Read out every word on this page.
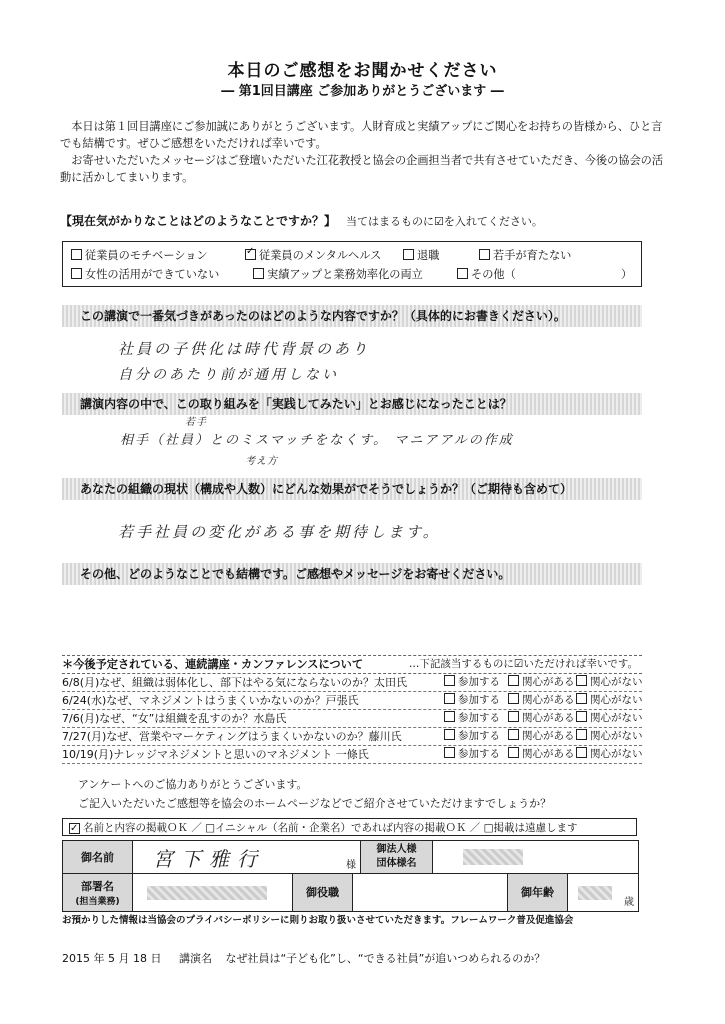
本日のご感想をお聞かせください
― 第1回目講座 ご参加ありがとうございます ―

本日は第１回目講座にご参加誠にありがとうございます。人財育成と実績アップにご関心をお持ちの皆様から、ひと言でも結構です。ぜひご感想をいただければ幸いです。

お寄せいただいたメッセージはご登壇いただいた江花教授と協会の企画担当者で共有させていただき、今後の協会の活動に活かしてまいります。

【現在気がかりなことはどのようなことですか？】 当てはまるものに☑を入れてください。
従業員のモチベーション
✓	従業員のメンタルヘルス	退職	若手が育たない
女性の活用ができていない	実績アップと業務効率化の両立	その他（	）
この講演で一番気づきがあったのはどのような内容ですか？（具体的にお書きください）。
社員の子供化は時代背景のあり
自分のあたり前が通用しない
講演内容の中で、この取り組みを「実践してみたい」とお感じになったことは？
若手
相手（社員）とのミスマッチをなくす。 マニアアルの作成
考え方
あなたの組織の現状（構成や人数）にどんな効果がでそうでしょうか？（ご期待も含めて）
若手社員の変化がある事を期待します。
その他、どのようなことでも結構です。ご感想やメッセージをお寄せください。
＊今後予定されている、連続講座・カンファレンスについて	…下記該当するものに☑いただければ幸いです。
6/8(月)なぜ、組織は弱体化し、部下はやる気にならないのか？太田氏	参加する	関心がある	関心がない
6/24(水)なぜ、マネジメントはうまくいかないのか？戸張氏	参加する	関心がある	関心がない
7/6(月)なぜ、“女”は組織を乱すのか？水島氏	参加する	関心がある	関心がない
7/27(月)なぜ、営業やマーケティングはうまくいかないのか？藤川氏	参加する	関心がある	関心がない
10/19(月)ナレッジマネジメントと思いのマネジメント 一條氏	参加する	関心がある	関心がない
アンケートへのご協力ありがとうございます。
ご記入いただいたご感想等を協会のホームページなどでご紹介させていただけますでしょうか？
✓
名前と内容の掲載ＯＫ ／ □イニシャル（名前・企業名）であれば内容の掲載ＯＫ ／ □掲載は遠慮します
御名前	宮下雅行	様
御法人様
団体様名
部署名
(担当業務)
御役職	御年齢
歳
お預かりした情報は当協会のプライバシーポリシーに則りお取り扱いさせていただきます。フレームワーク普及促進協会
2015 年 5 月 18 日 講演名 なぜ社員は“子ども化”し、“できる社員”が追いつめられるのか？
